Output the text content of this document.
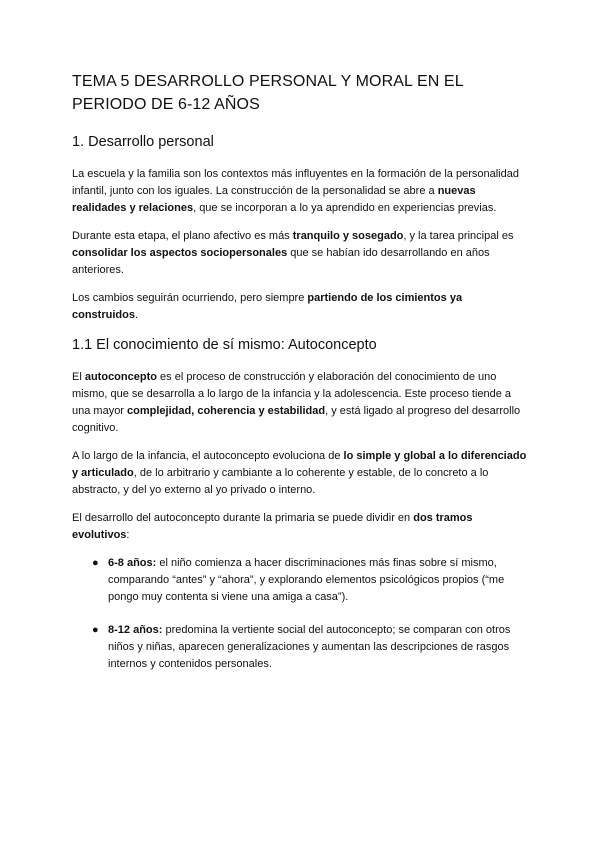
TEMA 5 DESARROLLO PERSONAL Y MORAL EN EL PERIODO DE 6-12 AÑOS
1. Desarrollo personal

La escuela y la familia son los contextos más influyentes en la formación de la personalidad infantil, junto con los iguales. La construcción de la personalidad se abre a nuevas realidades y relaciones, que se incorporan a lo ya aprendido en experiencias previas.

Durante esta etapa, el plano afectivo es más tranquilo y sosegado, y la tarea principal es consolidar los aspectos sociopersonales que se habían ido desarrollando en años anteriores.

Los cambios seguirán ocurriendo, pero siempre partiendo de los cimientos ya construidos.

1.1 El conocimiento de sí mismo: Autoconcepto

El autoconcepto es el proceso de construcción y elaboración del conocimiento de uno mismo, que se desarrolla a lo largo de la infancia y la adolescencia. Este proceso tiende a una mayor complejidad, coherencia y estabilidad, y está ligado al progreso del desarrollo cognitivo.

A lo largo de la infancia, el autoconcepto evoluciona de lo simple y global a lo diferenciado y articulado, de lo arbitrario y cambiante a lo coherente y estable, de lo concreto a lo abstracto, y del yo externo al yo privado o interno.

El desarrollo del autoconcepto durante la primaria se puede dividir en dos tramos evolutivos:

● 6-8 años: el niño comienza a hacer discriminaciones más finas sobre sí mismo, comparando “antes” y “ahora”, y explorando elementos psicológicos propios (“me pongo muy contenta si viene una amiga a casa”).
● 8-12 años: predomina la vertiente social del autoconcepto; se comparan con otros niños y niñas, aparecen generalizaciones y aumentan las descripciones de rasgos internos y contenidos personales.
